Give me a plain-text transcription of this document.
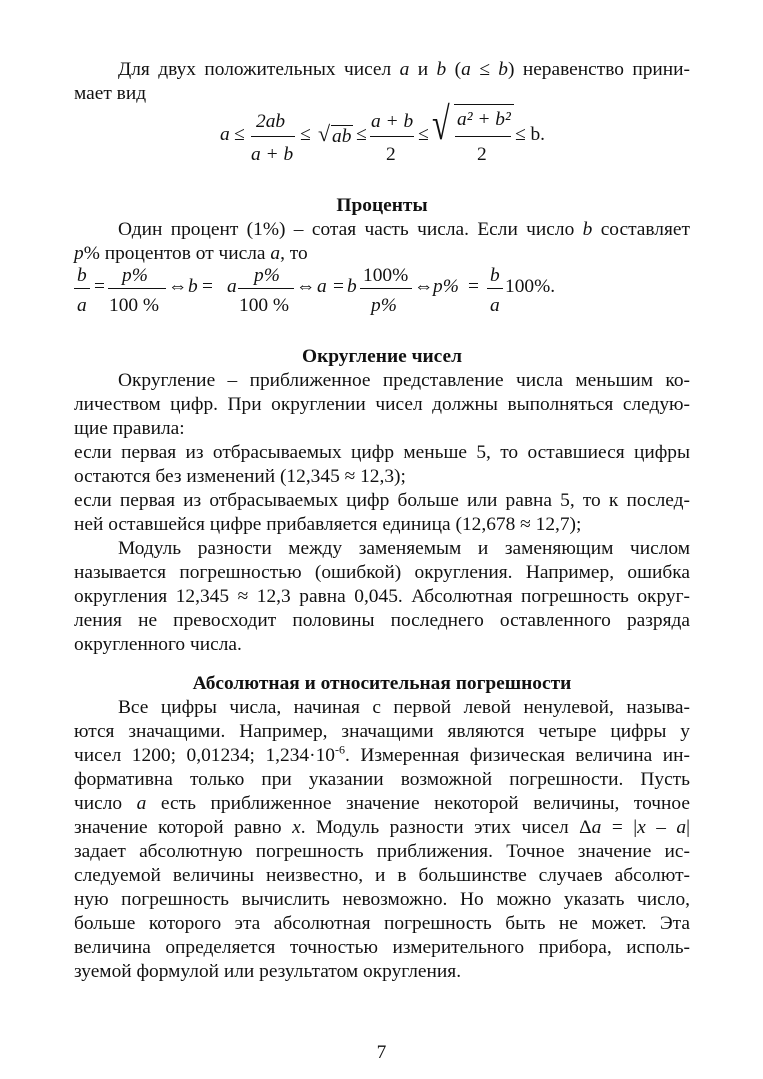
Для двух положительных чисел a и b (a ≤ b) неравенство прини-
мает вид
a ≤
2ab
a + b
≤ √ ab ≤
a + b
2
≤ √ a² + b²
2
≤ b.
Проценты
Один процент (1%) – сотая часть числа. Если число b составляет
p% процентов от числа a, то
b
a
=
p%
100 %
⇔ b = a
p%
100 %
⇔ a = b
100%
p%
⇔ p% =
b
a
100%.
Округление чисел
Округление – приближенное представление числа меньшим ко-
личеством цифр. При округлении чисел должны выполняться следую-
щие правила:
если первая из отбрасываемых цифр меньше 5, то оставшиеся цифры
остаются без изменений (12,345 ≈ 12,3);
если первая из отбрасываемых цифр больше или равна 5, то к послед-
ней оставшейся цифре прибавляется единица (12,678 ≈ 12,7);
Модуль разности между заменяемым и заменяющим числом
называется погрешностью (ошибкой) округления. Например, ошибка
округления 12,345 ≈ 12,3 равна 0,045. Абсолютная погрешность округ-
ления не превосходит половины последнего оставленного разряда
округленного числа.
Абсолютная и относительная погрешности
Все цифры числа, начиная с первой левой ненулевой, называ-
ются значащими. Например, значащими являются четыре цифры у
чисел 1200; 0,01234; $1,234\cdot 10^{-6}$. Измеренная физическая величина ин-
формативна только при указании возможной погрешности. Пусть
число a есть приближенное значение некоторой величины, точное
значение которой равно x. Модуль разности этих чисел Δa = |x – a|
задает абсолютную погрешность приближения. Точное значение ис-
следуемой величины неизвестно, и в большинстве случаев абсолют-
ную погрешность вычислить невозможно. Но можно указать число,
больше которого эта абсолютная погрешность быть не может. Эта
величина определяется точностью измерительного прибора, исполь-
зуемой формулой или результатом округления.
7
